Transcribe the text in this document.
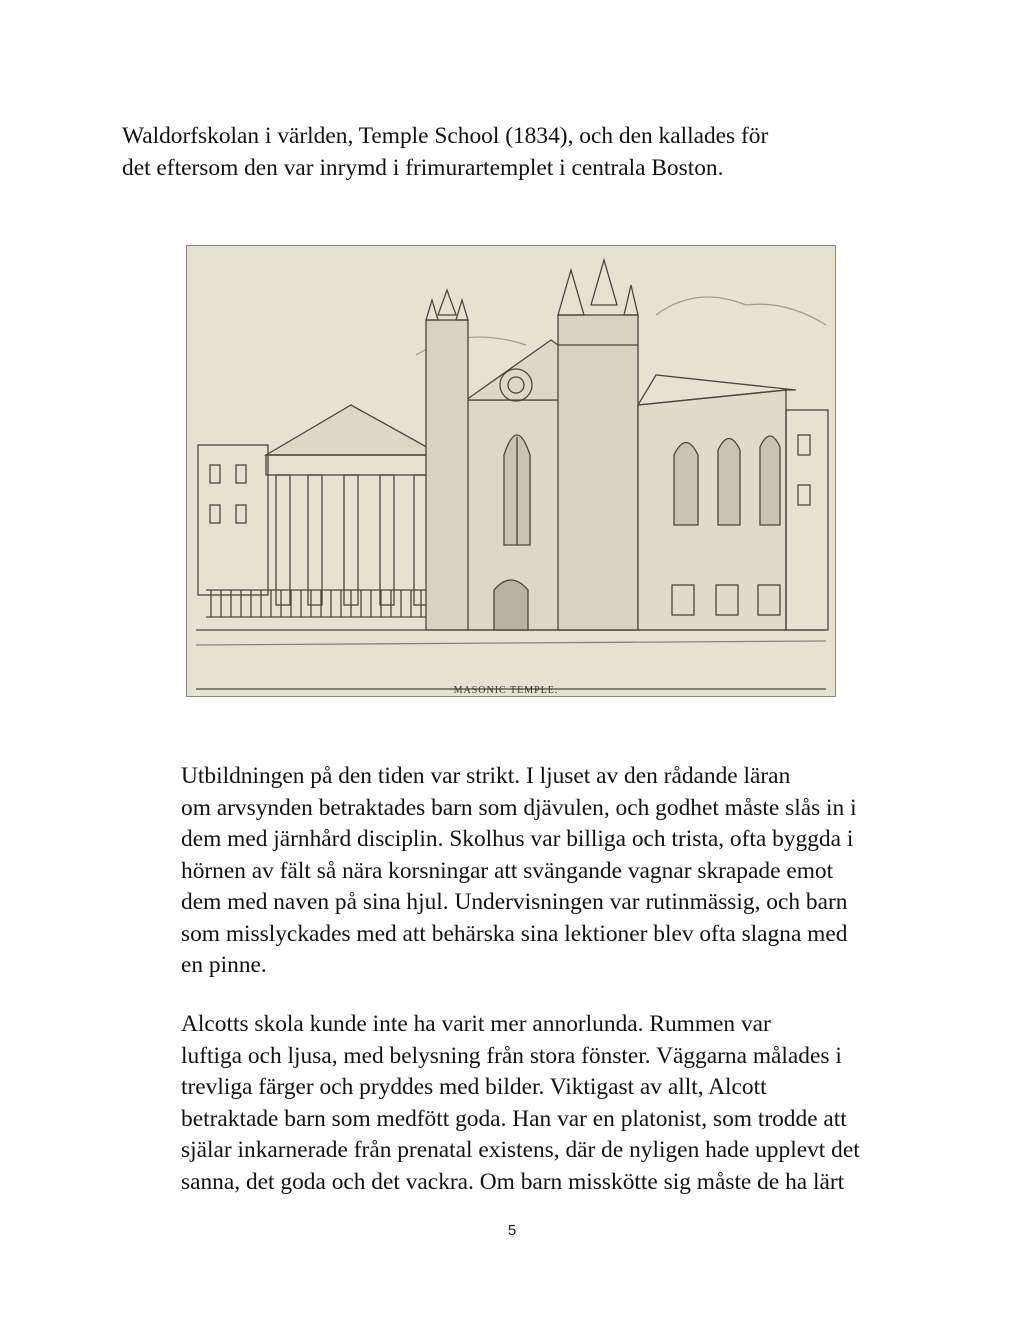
Waldorfskolan i världen, Temple School (1834), och den kallades för
det eftersom den var inrymd i frimurartemplet i centrala Boston.
MASONIC TEMPLE.
Utbildningen på den tiden var strikt. I ljuset av den rådande läran
om arvsynden betraktades barn som djävulen, och godhet måste slås in i
dem med järnhård disciplin. Skolhus var billiga och trista, ofta byggda i
hörnen av fält så nära korsningar att svängande vagnar skrapade emot
dem med naven på sina hjul. Undervisningen var rutinmässig, och barn
som misslyckades med att behärska sina lektioner blev ofta slagna med
en pinne.
Alcotts skola kunde inte ha varit mer annorlunda. Rummen var
luftiga och ljusa, med belysning från stora fönster. Väggarna målades i
trevliga färger och pryddes med bilder. Viktigast av allt, Alcott
betraktade barn som medfött goda. Han var en platonist, som trodde att
själar inkarnerade från prenatal existens, där de nyligen hade upplevt det
sanna, det goda och det vackra. Om barn misskötte sig måste de ha lärt
5
